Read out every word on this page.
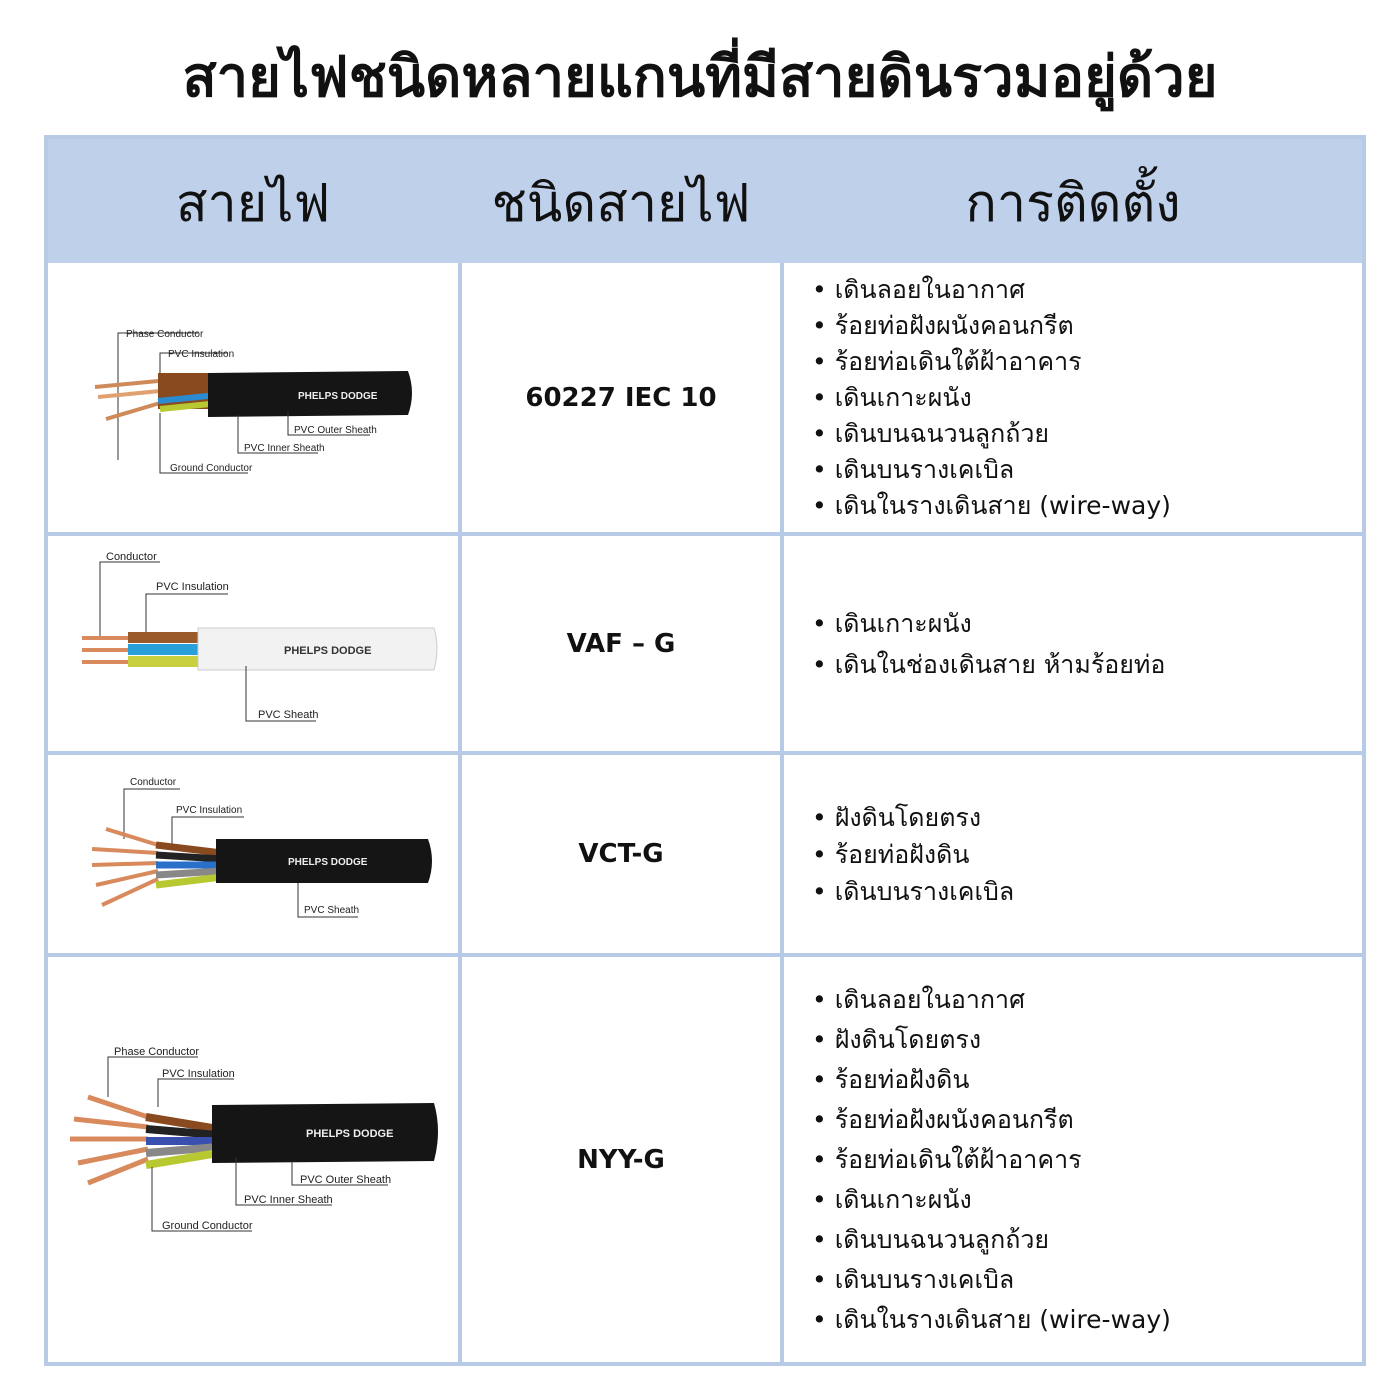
สายไฟชนิดหลายแกนที่มีสายดินรวมอยู่ด้วย
สายไฟ	ชนิดสายไฟ	การติดตั้ง
Phase Conductor
PVC Insulation
PHELPS DODGE
PVC Outer Sheath
PVC Inner Sheath
Ground Conductor
60227 IEC 10
• เดินลอยในอากาศ
• ร้อยท่อฝังผนังคอนกรีต
• ร้อยท่อเดินใต้ฝ้าอาคาร
• เดินเกาะผนัง
• เดินบนฉนวนลูกถ้วย
• เดินบนรางเคเบิล
• เดินในรางเดินสาย (wire-way)
Conductor
PVC Insulation
PHELPS DODGE
PVC Sheath
VAF – G
• เดินเกาะผนัง
• เดินในช่องเดินสาย ห้ามร้อยท่อ
Conductor
PVC Insulation
PHELPS DODGE
PVC Sheath
VCT-G
• ฝังดินโดยตรง
• ร้อยท่อฝังดิน
• เดินบนรางเคเบิล
Phase Conductor
PVC Insulation
PHELPS DODGE
PVC Outer Sheath
PVC Inner Sheath
Ground Conductor
NYY-G
• เดินลอยในอากาศ
• ฝังดินโดยตรง
• ร้อยท่อฝังดิน
• ร้อยท่อฝังผนังคอนกรีต
• ร้อยท่อเดินใต้ฝ้าอาคาร
• เดินเกาะผนัง
• เดินบนฉนวนลูกถ้วย
• เดินบนรางเคเบิล
• เดินในรางเดินสาย (wire-way)
